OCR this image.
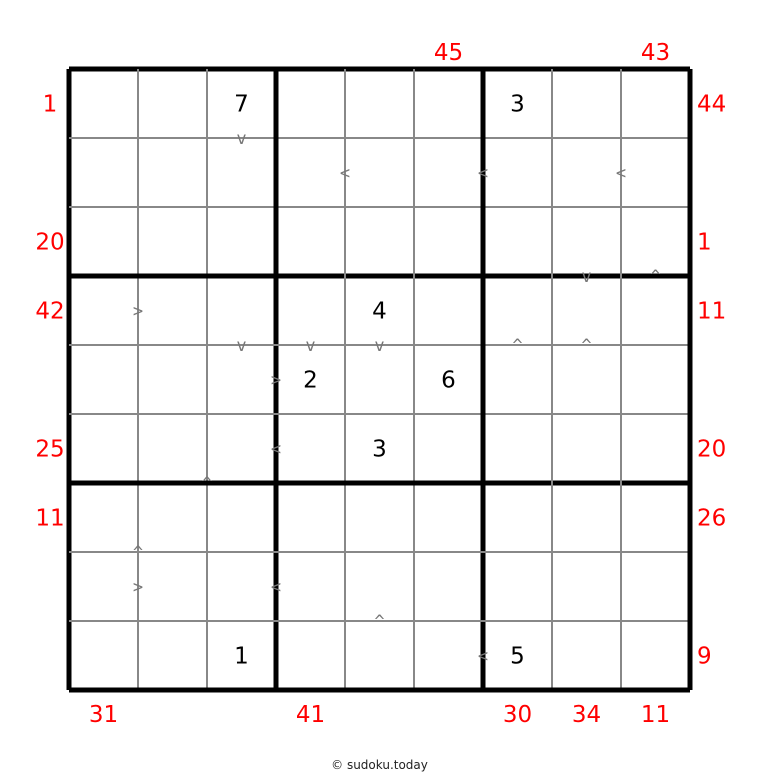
<	<	<
>
>
<
>	<
<
v
v	^
v	v	v	^	^
^
^
^
7	3
4
2	6
3
1	5
45	43
31	41	30 34 11
1
20
42
25
11
44
1
11
20
26
9
© sudoku.today
